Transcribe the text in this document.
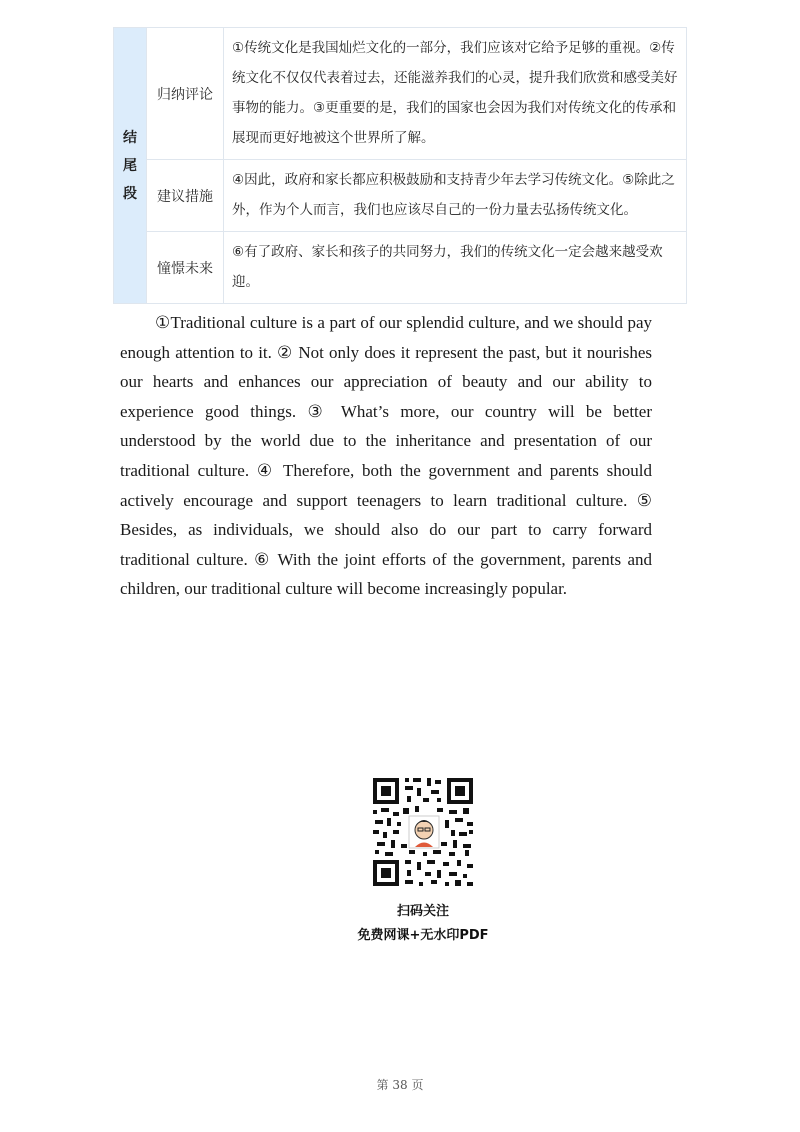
结尾段	归纳评论	①传统文化是我国灿烂文化的一部分，我们应该对它给予足够的重视。②传统文化不仅仅代表着过去，还能滋养我们的心灵，提升我们欣赏和感受美好事物的能力。③更重要的是，我们的国家也会因为我们对传统文化的传承和展现而更好地被这个世界所了解。
	建议措施	④因此，政府和家长都应积极鼓励和支持青少年去学习传统文化。⑤除此之外，作为个人而言，我们也应该尽自己的一份力量去弘扬传统文化。
	憧憬未来	⑥有了政府、家长和孩子的共同努力，我们的传统文化一定会越来越受欢迎。

①Traditional culture is a part of our splendid culture, and we should pay enough attention to it. ② Not only does it represent the past, but it nourishes our hearts and enhances our appreciation of beauty and our ability to experience good things. ③ What’s more, our country will be better understood by the world due to the inheritance and presentation of our traditional culture. ④ Therefore, both the government and parents should actively encourage and support teenagers to learn traditional culture. ⑤ Besides, as individuals, we should also do our part to carry forward traditional culture. ⑥ With the joint efforts of the government, parents and children, our traditional culture will become increasingly popular.

扫码关注
免费网课+无水印PDF
第 38 页
